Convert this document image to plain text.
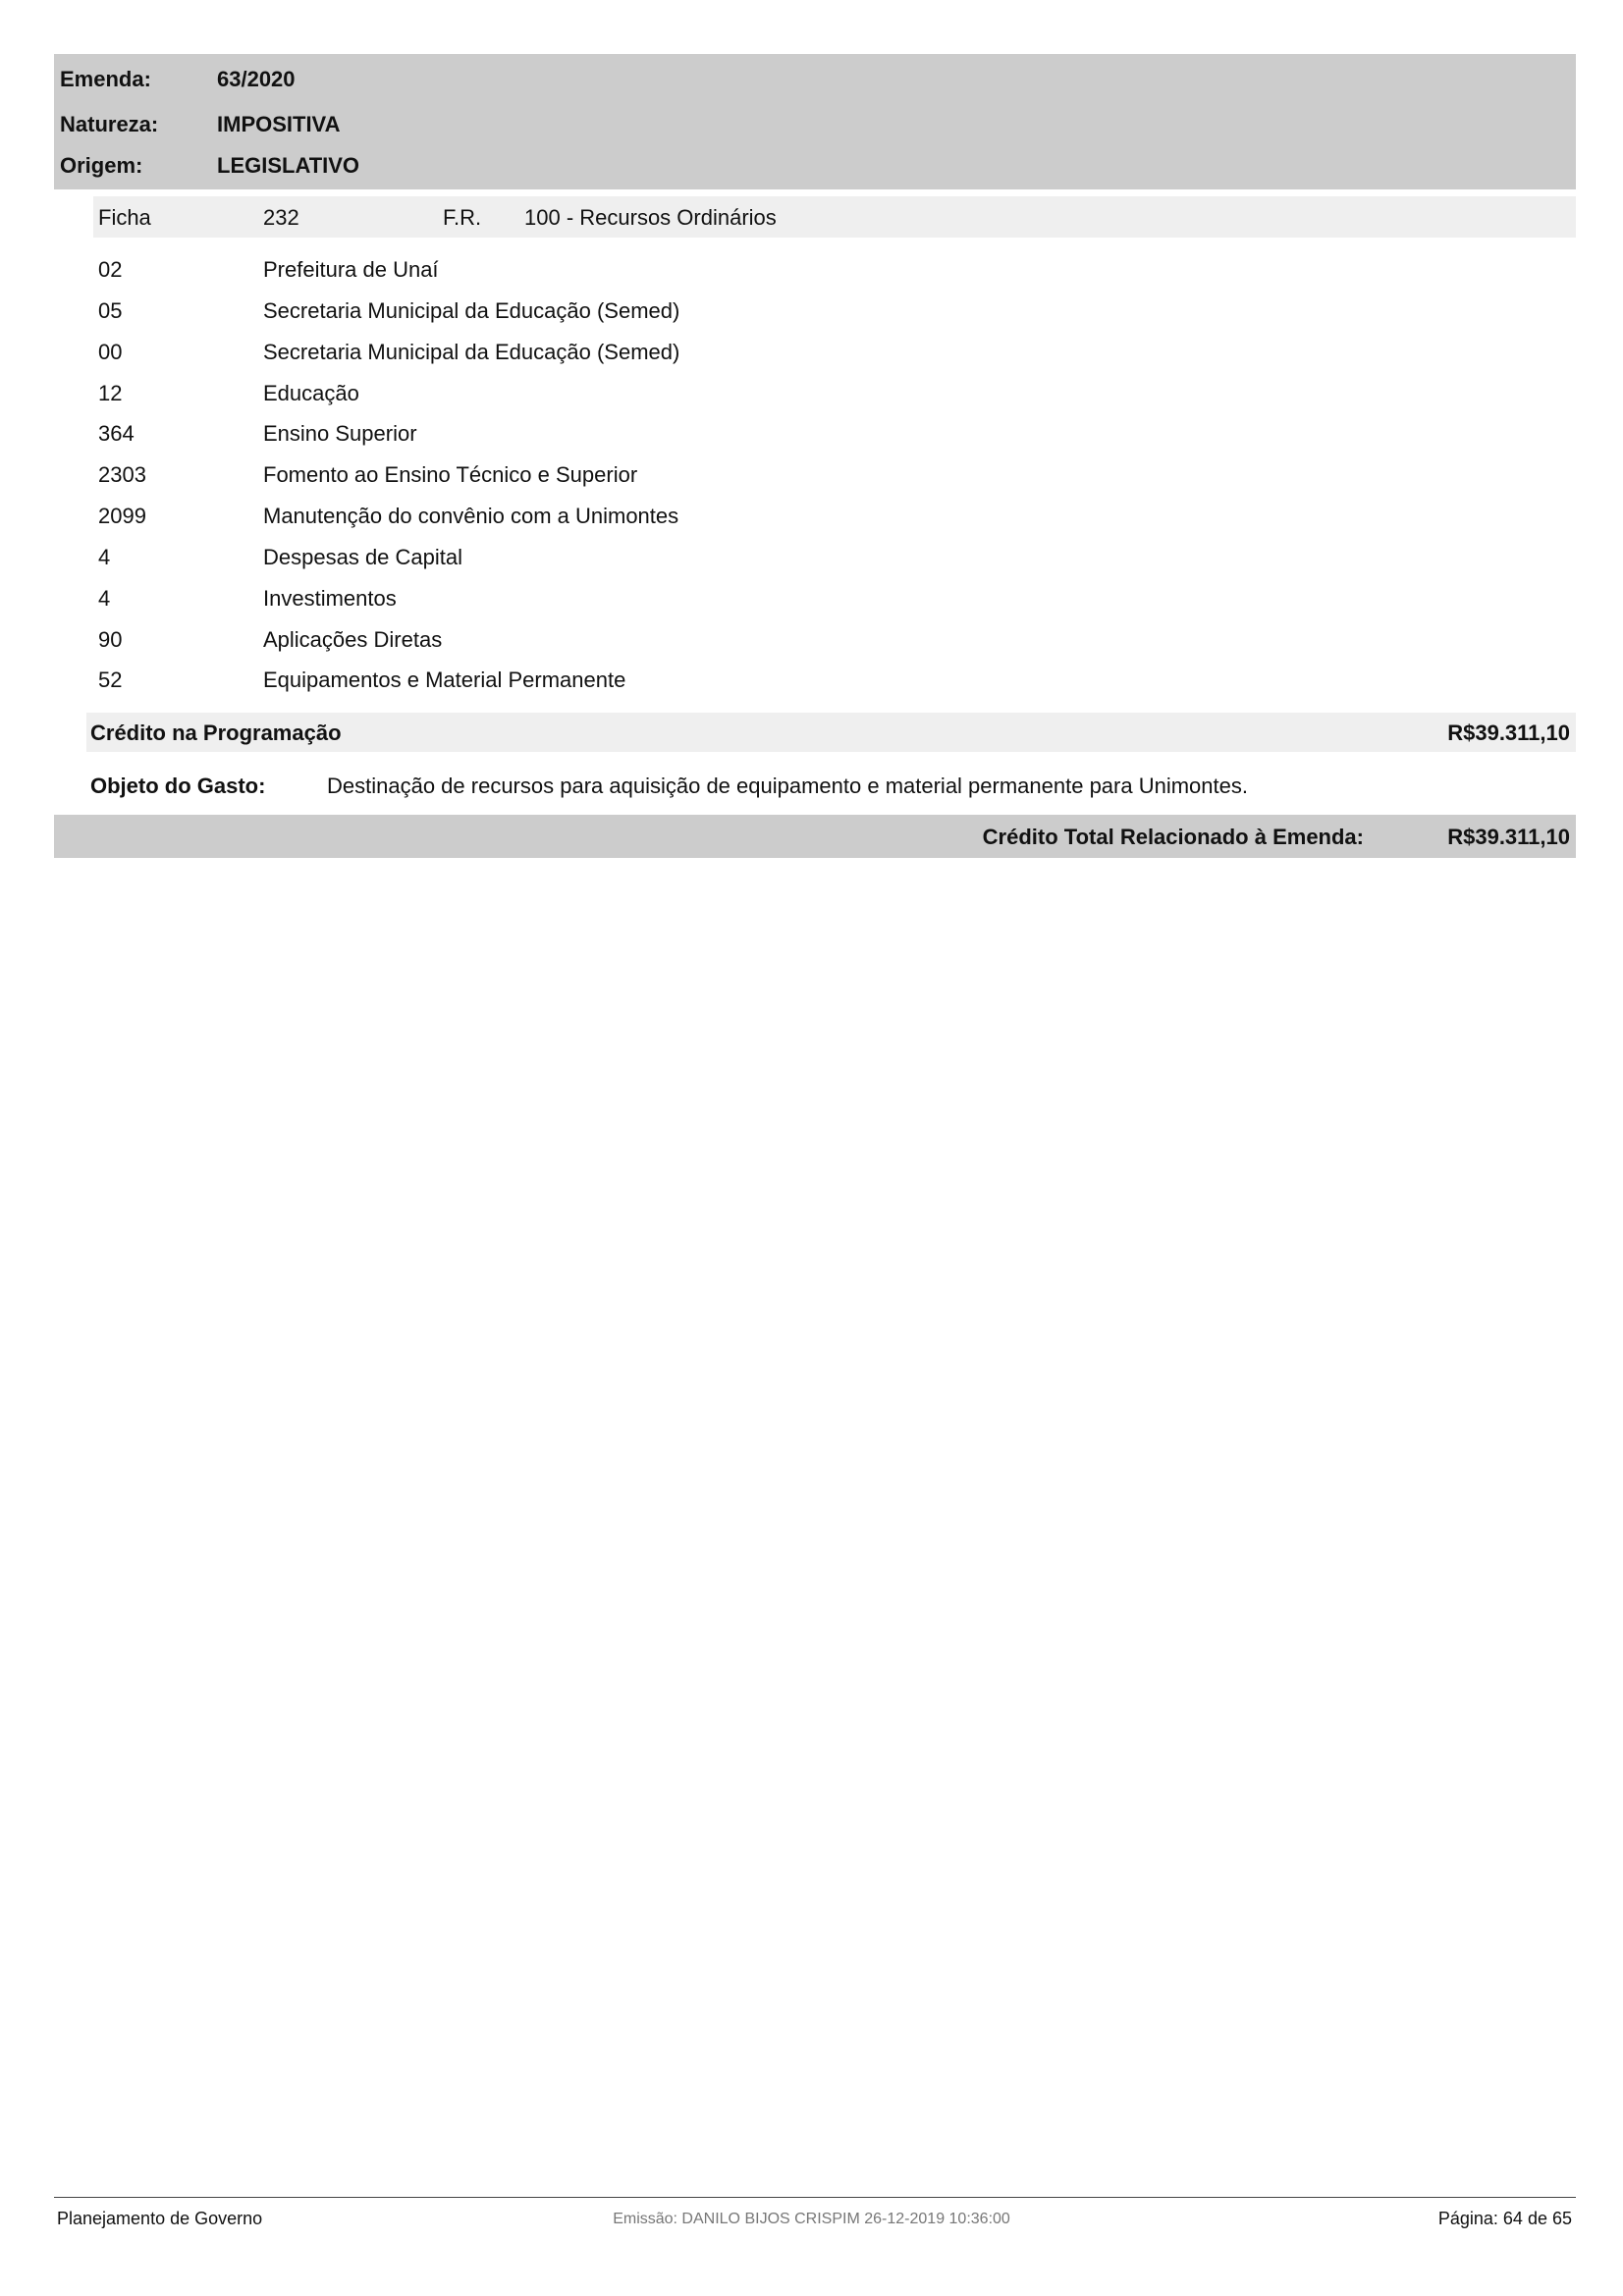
Emenda:	63/2020
Natureza:	IMPOSITIVA
Origem:	LEGISLATIVO
Ficha	232	F.R. 100 - Recursos Ordinários
02	Prefeitura de Unaí
05	Secretaria Municipal da Educação (Semed)
00	Secretaria Municipal da Educação (Semed)
12	Educação
364	Ensino Superior
2303	Fomento ao Ensino Técnico e Superior
2099	Manutenção do convênio com a Unimontes
4	Despesas de Capital
4	Investimentos
90	Aplicações Diretas
52	Equipamentos e Material Permanente
Crédito na Programação	R$39.311,10
Objeto do Gasto:	Destinação de recursos para aquisição de equipamento e material permanente para Unimontes.
Crédito Total Relacionado à Emenda:	R$39.311,10
Planejamento de Governo	Emissão: DANILO BIJOS CRISPIM 26-12-2019 10:36:00	Página: 64 de 65
